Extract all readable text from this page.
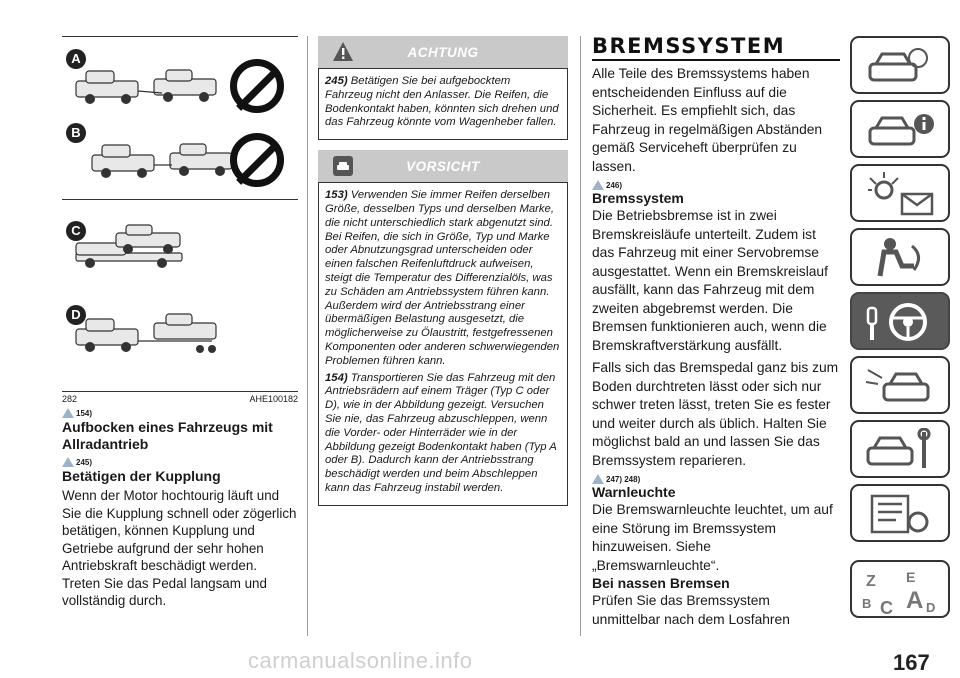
A
B
C
D
282	AHE100182
154)
Aufbocken eines Fahrzeugs mit Allradantrieb
245)
Betätigen der Kupplung

Wenn der Motor hochtourig läuft und Sie die Kupplung schnell oder zögerlich betätigen, können Kupplung und Getriebe aufgrund der sehr hohen Antriebskraft beschädigt werden. Treten Sie das Pedal langsam und vollständig durch.

ACHTUNG

245) Betätigen Sie bei aufgebocktem Fahrzeug nicht den Anlasser. Die Reifen, die Bodenkontakt haben, könnten sich drehen und das Fahrzeug könnte vom Wagenheber fallen.

VORSICHT

153) Verwenden Sie immer Reifen derselben Größe, desselben Typs und derselben Marke, die nicht unterschiedlich stark abgenutzt sind. Bei Reifen, die sich in Größe, Typ und Marke oder Abnutzungsgrad unterscheiden oder einen falschen Reifenluftdruck aufweisen, steigt die Temperatur des Differenzialöls, was zu Schäden am Antriebssystem führen kann. Außerdem wird der Antriebsstrang einer übermäßigen Belastung ausgesetzt, die möglicherweise zu Ölaustritt, festgefressenen Komponenten oder anderen schwerwiegenden Problemen führen kann.

154) Transportieren Sie das Fahrzeug mit den Antriebsrädern auf einem Träger (Typ C oder D), wie in der Abbildung gezeigt. Versuchen Sie nie, das Fahrzeug abzuschleppen, wenn die Vorder- oder Hinterräder wie in der Abbildung gezeigt Bodenkontakt haben (Typ A oder B). Dadurch kann der Antriebsstrang beschädigt werden und beim Abschleppen kann das Fahrzeug instabil werden.

BREMSSYSTEM

Alle Teile des Bremssystems haben entscheidenden Einfluss auf die Sicherheit. Es empfiehlt sich, das Fahrzeug in regelmäßigen Abständen gemäß Serviceheft überprüfen zu lassen.

246)
Bremssystem

Die Betriebsbremse ist in zwei Bremskreisläufe unterteilt. Zudem ist das Fahrzeug mit einer Servobremse ausgestattet. Wenn ein Bremskreislauf ausfällt, kann das Fahrzeug mit dem zweiten abgebremst werden. Die Bremsen funktionieren auch, wenn die Bremskraftverstärkung ausfällt.

Falls sich das Bremspedal ganz bis zum Boden durchtreten lässt oder sich nur schwer treten lässt, treten Sie es fester und weiter durch als üblich. Halten Sie möglichst bald an und lassen Sie das Bremssystem reparieren.

247) 248)
Warnleuchte

Die Bremswarnleuchte leuchtet, um auf eine Störung im Bremssystem hinzuweisen. Siehe „Bremswarnleuchte“.

Bei nassen Bremsen

Prüfen Sie das Bremssystem unmittelbar nach dem Losfahren

Z E
B C A D
carmanualsonline.info	167
